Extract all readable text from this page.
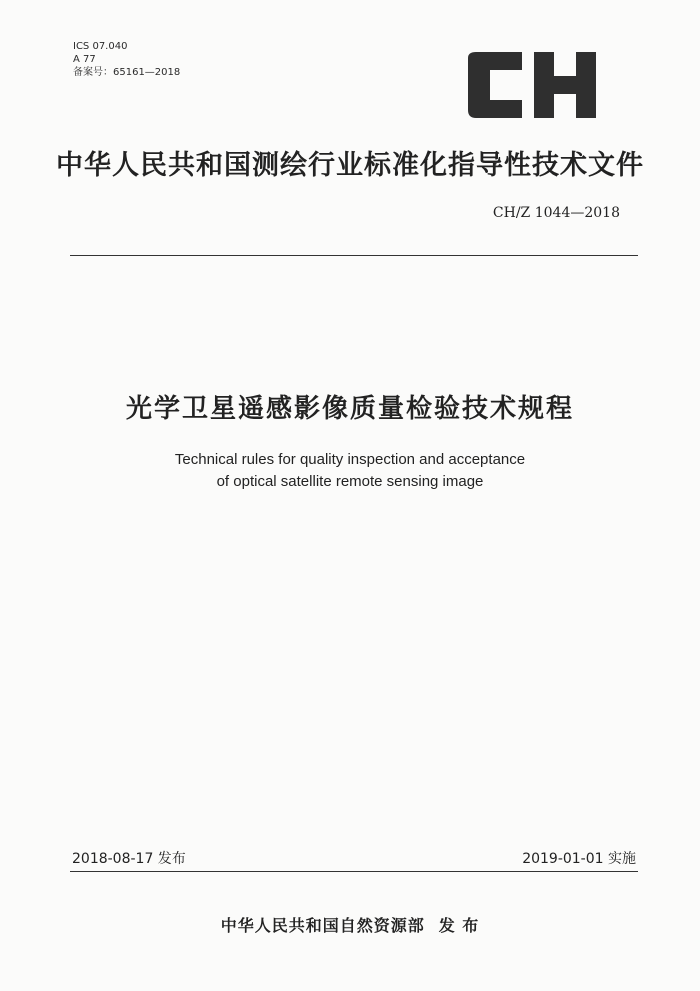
ICS 07.040
A 77
备案号：65161—2018
CH
中华人民共和国测绘行业标准化指导性技术文件
CH/Z 1044—2018
光学卫星遥感影像质量检验技术规程
Technical rules for quality inspection and acceptance
of optical satellite remote sensing image
2018-08-17 发布	2019-01-01 实施
中华人民共和国自然资源部 发 布
